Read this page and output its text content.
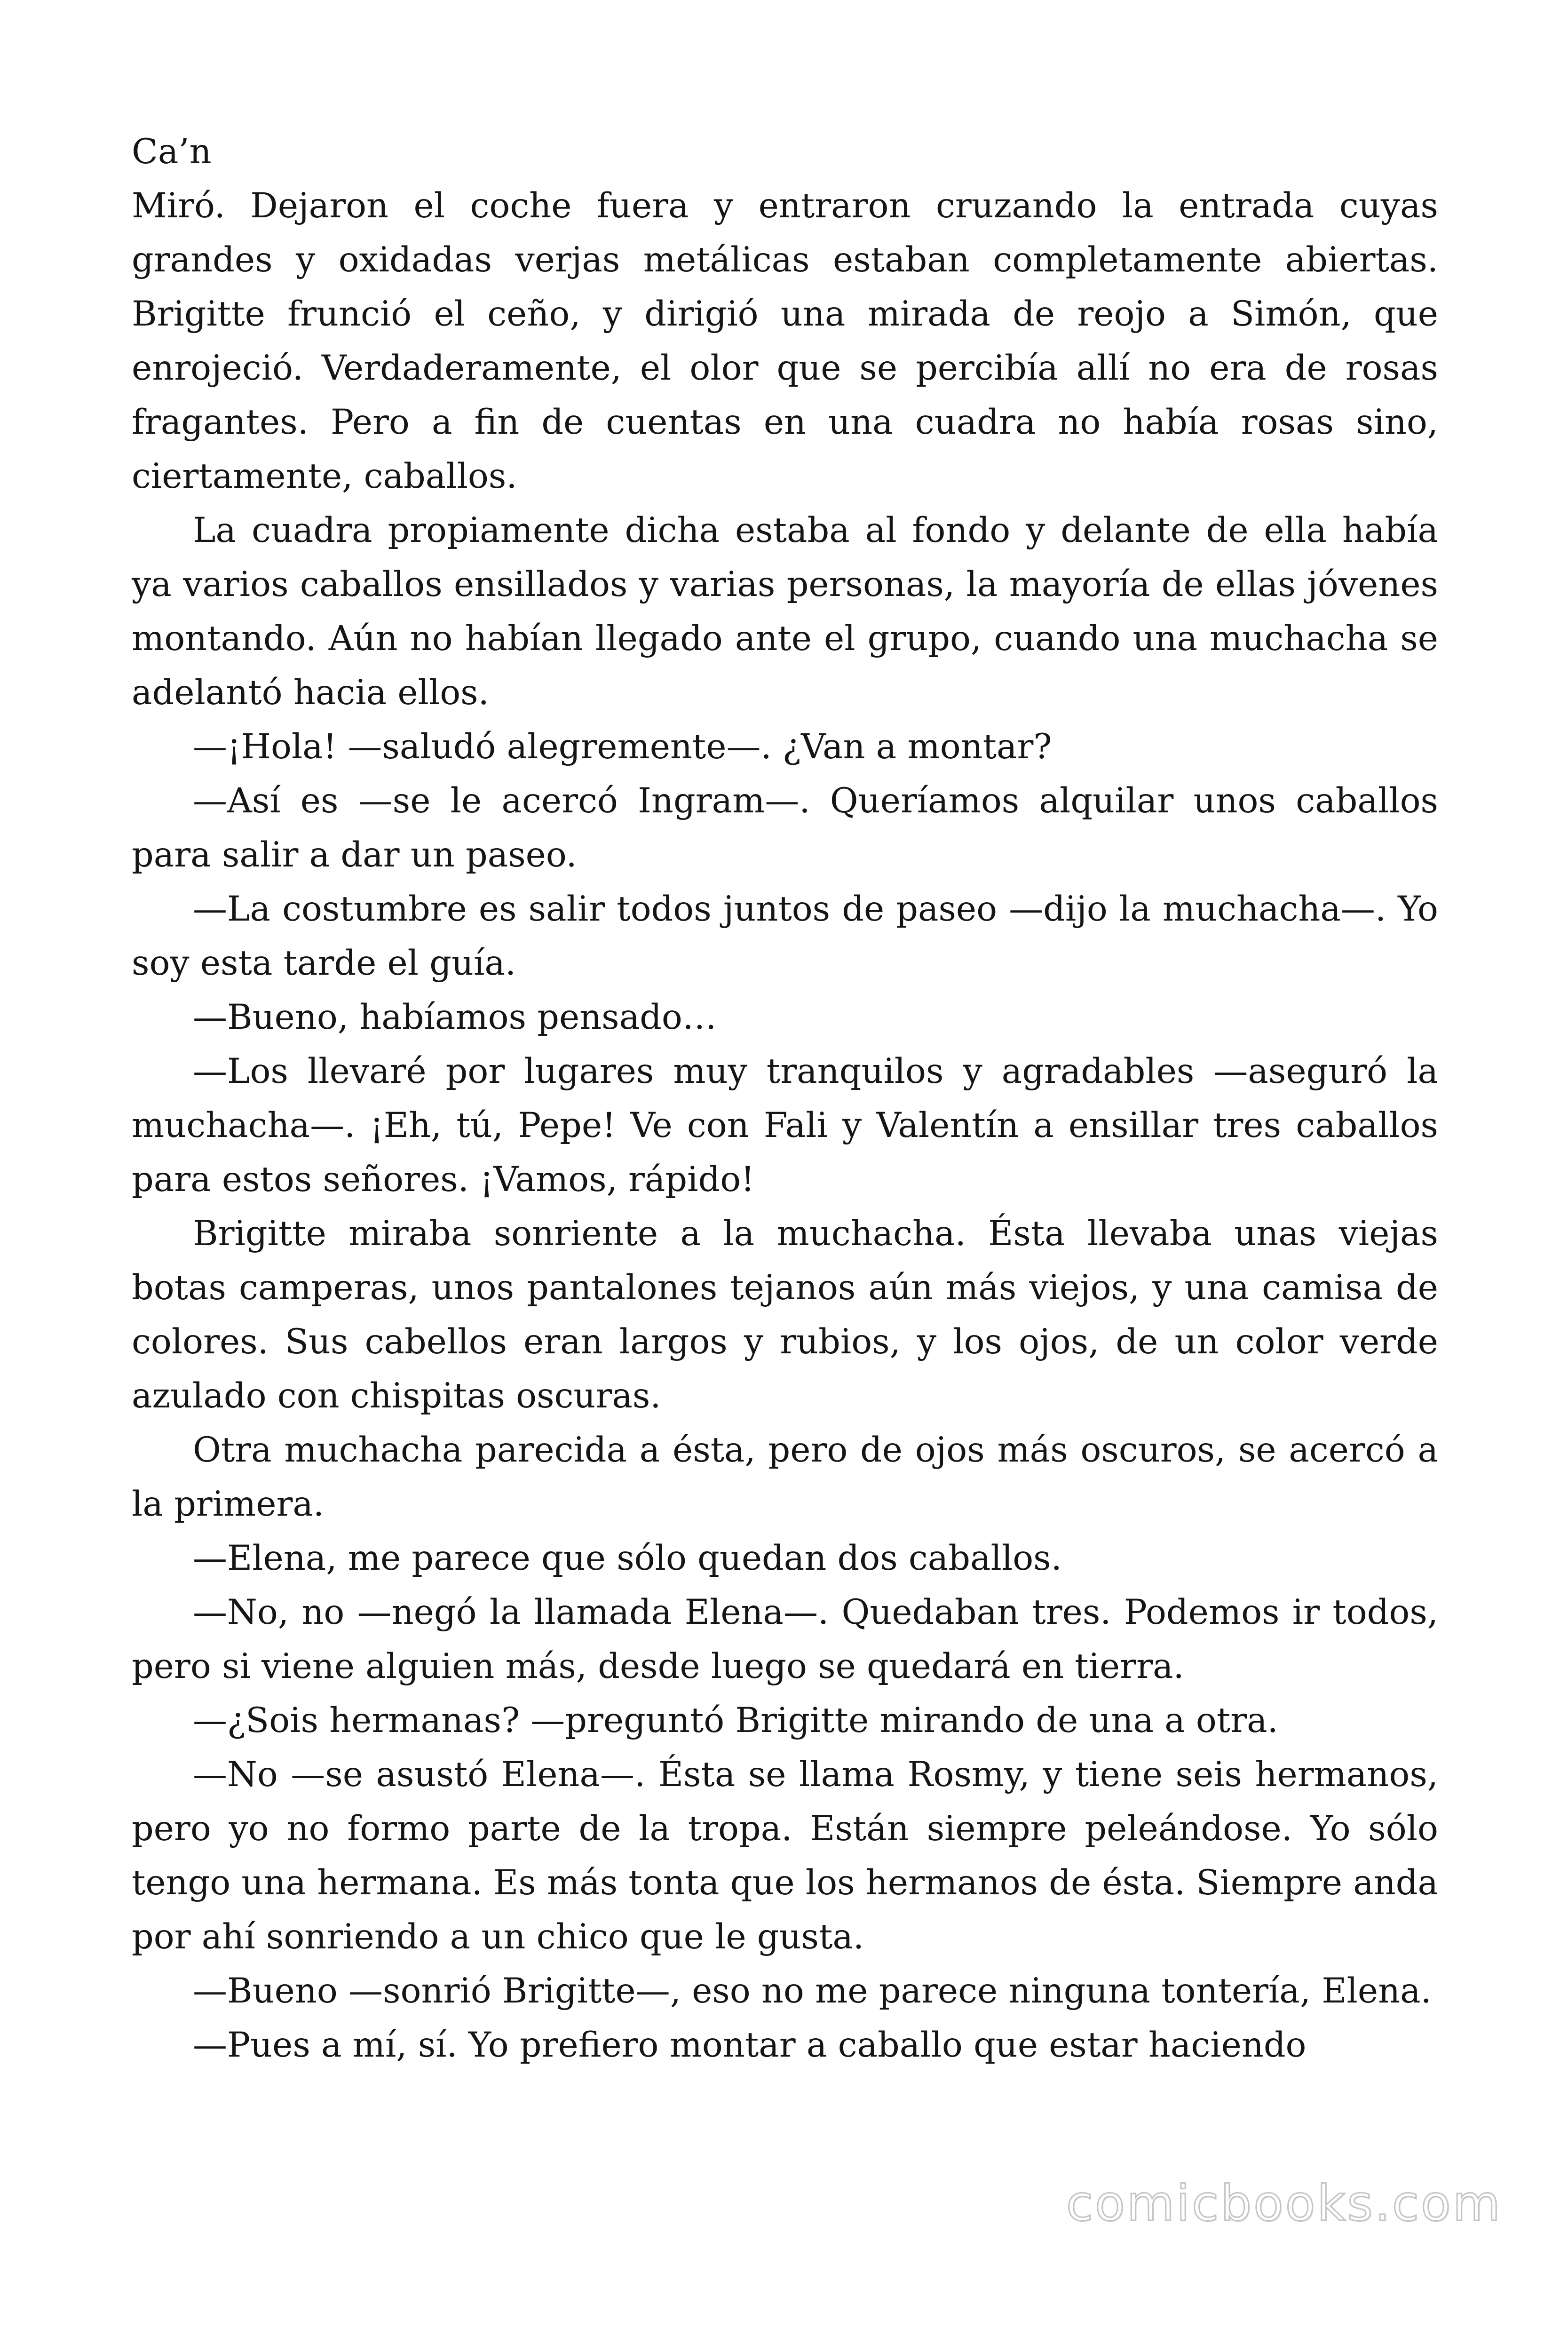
Ca’n

Miró. Dejaron el coche fuera y entraron cruzando la entrada cuyas grandes y oxidadas verjas metálicas estaban completamente abiertas. Brigitte frunció el ceño, y dirigió una mirada de reojo a Simón, que enrojeció. Verdaderamente, el olor que se percibía allí no era de rosas fragantes. Pero a fin de cuentas en una cuadra no había rosas sino, ciertamente, caballos.

La cuadra propiamente dicha estaba al fondo y delante de ella había ya varios caballos ensillados y varias personas, la mayoría de ellas jóvenes montando. Aún no habían llegado ante el grupo, cuando una muchacha se adelantó hacia ellos.

—¡Hola! —saludó alegremente—. ¿Van a montar?

—Así es —se le acercó Ingram—. Queríamos alquilar unos caballos para salir a dar un paseo.

—La costumbre es salir todos juntos de paseo —dijo la muchacha—. Yo soy esta tarde el guía.

—Bueno, habíamos pensado…

—Los llevaré por lugares muy tranquilos y agradables —aseguró la muchacha—. ¡Eh, tú, Pepe! Ve con Fali y Valentín a ensillar tres caballos para estos señores. ¡Vamos, rápido!

Brigitte miraba sonriente a la muchacha. Ésta llevaba unas viejas botas camperas, unos pantalones tejanos aún más viejos, y una camisa de colores. Sus cabellos eran largos y rubios, y los ojos, de un color verde azulado con chispitas oscuras.

Otra muchacha parecida a ésta, pero de ojos más oscuros, se acercó a la primera.

—Elena, me parece que sólo quedan dos caballos.

—No, no —negó la llamada Elena—. Quedaban tres. Podemos ir todos, pero si viene alguien más, desde luego se quedará en tierra.

—¿Sois hermanas? —preguntó Brigitte mirando de una a otra.

—No —se asustó Elena—. Ésta se llama Rosmy, y tiene seis hermanos, pero yo no formo parte de la tropa. Están siempre peleándose. Yo sólo tengo una hermana. Es más tonta que los hermanos de ésta. Siempre anda por ahí sonriendo a un chico que le gusta.

—Bueno —sonrió Brigitte—, eso no me parece ninguna tontería, Elena.

—Pues a mí, sí. Yo prefiero montar a caballo que estar haciendo

comicbooks.com
